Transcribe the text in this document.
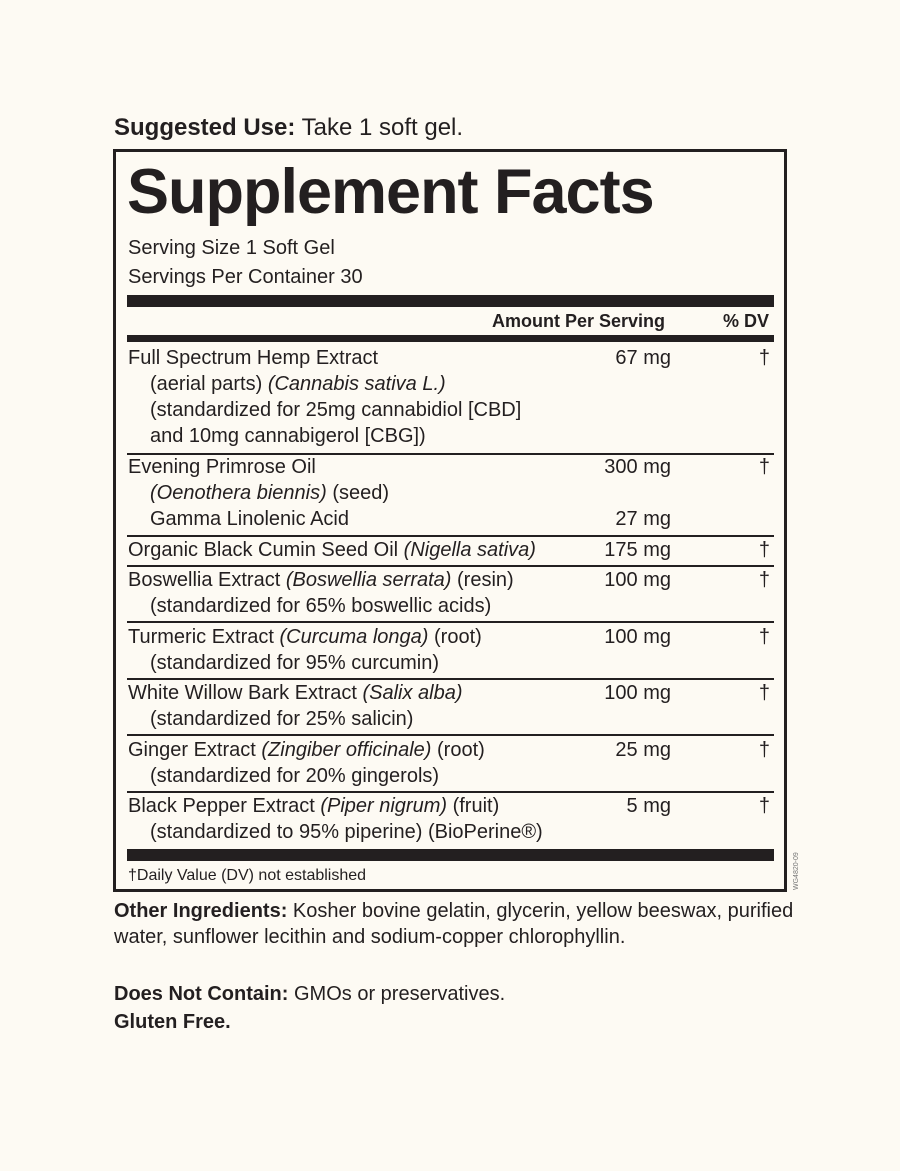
Suggested Use: Take 1 soft gel.
Supplement Facts
Serving Size 1 Soft Gel
Servings Per Container 30
Amount Per Serving	% DV
Full Spectrum Hemp Extract	67 mg	†
(aerial parts) (Cannabis sativa L.)
(standardized for 25mg cannabidiol [CBD]
and 10mg cannabigerol [CBG])
Evening Primrose Oil	300 mg	†
(Oenothera biennis) (seed)
Gamma Linolenic Acid	27 mg
Organic Black Cumin Seed Oil (Nigella sativa)	175 mg	†
Boswellia Extract (Boswellia serrata) (resin)	100 mg	†
(standardized for 65% boswellic acids)
Turmeric Extract (Curcuma longa) (root)	100 mg	†
(standardized for 95% curcumin)
White Willow Bark Extract (Salix alba)	100 mg	†
(standardized for 25% salicin)
Ginger Extract (Zingiber officinale) (root)	25 mg	†
(standardized for 20% gingerols)
Black Pepper Extract (Piper nigrum) (fruit)	5 mg	†
(standardized to 95% piperine) (BioPerine®)
†Daily Value (DV) not established	WG4820-09
Other Ingredients: Kosher bovine gelatin, glycerin, yellow beeswax, purified water, sunflower lecithin and sodium-copper chlorophyllin.
Does Not Contain: GMOs or preservatives.
Gluten Free.
